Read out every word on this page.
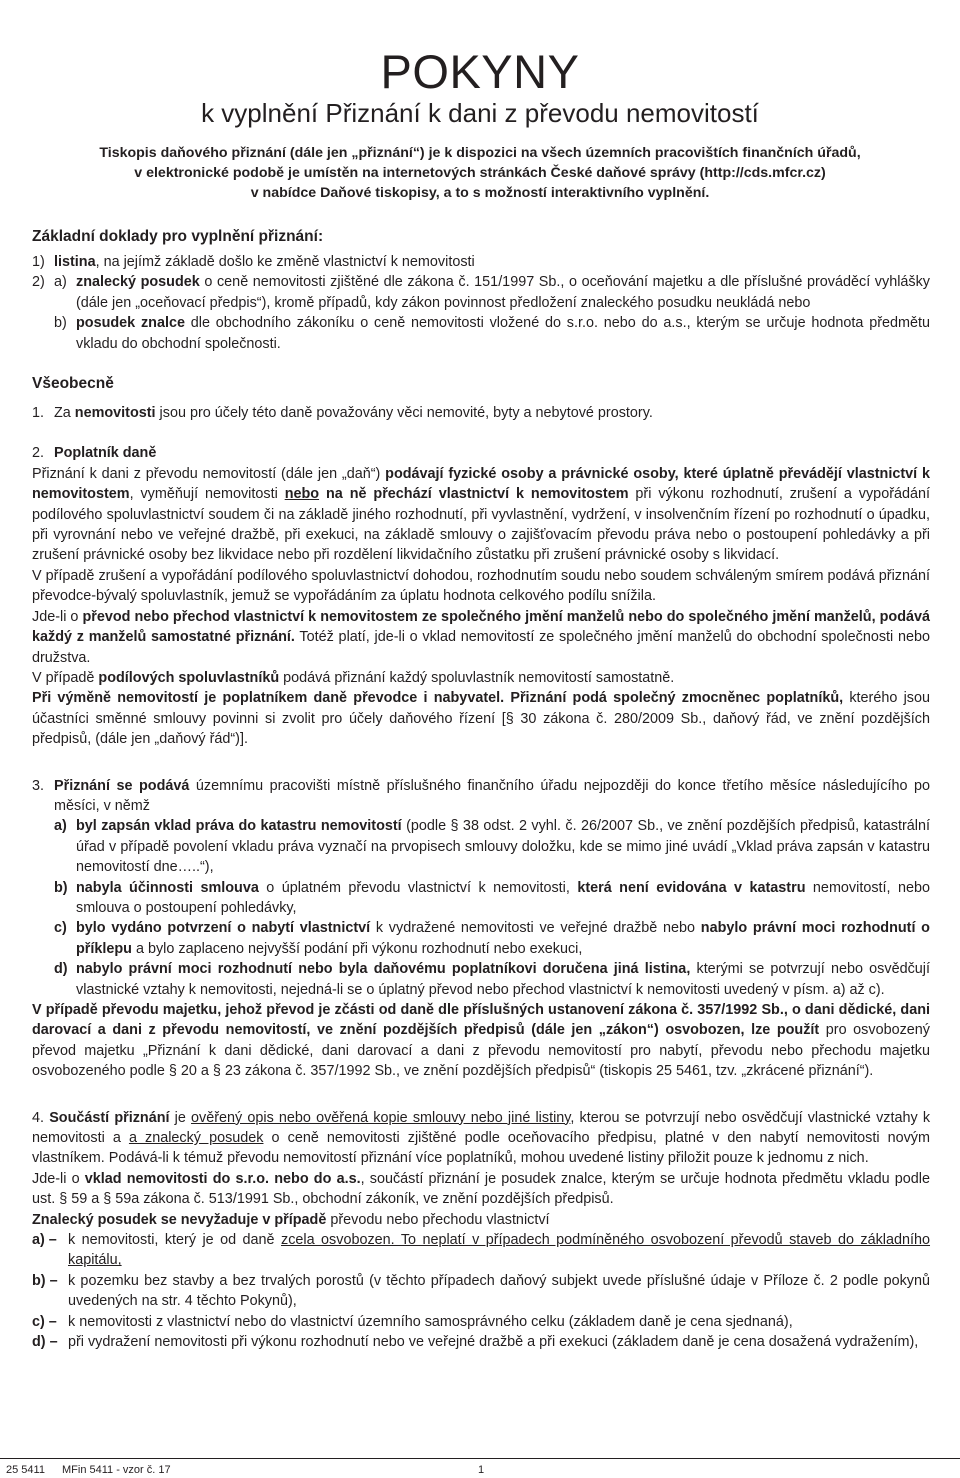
POKYNY
k vyplnění Přiznání k dani z převodu nemovitostí
Tiskopis daňového přiznání (dále jen „přiznání“) je k dispozici na všech územních pracovištích finančních úřadů,
v elektronické podobě je umístěn na internetových stránkách České daňové správy (http://cds.mfcr.cz)
v nabídce Daňové tiskopisy, a to s možností interaktivního vyplnění.
Základní doklady pro vyplnění přiznání:
1) listina, na jejímž základě došlo ke změně vlastnictví k nemovitosti
2) a) znalecký posudek o ceně nemovitosti zjištěné dle zákona č. 151/1997 Sb., o oceňování majetku a dle příslušné prováděcí vyhlášky (dále jen „oceňovací předpis“), kromě případů, kdy zákon povinnost předložení znaleckého posudku neukládá nebo
b) posudek znalce dle obchodního zákoníku o ceně nemovitosti vložené do s.r.o. nebo do a.s., kterým se určuje hodnota předmětu vkladu do obchodní společnosti.
Všeobecně
1. Za nemovitosti jsou pro účely této daně považovány věci nemovité, byty a nebytové prostory.
2. Poplatník daně

Přiznání k dani z převodu nemovitostí (dále jen „daň“) podávají fyzické osoby a právnické osoby, které úplatně převádějí vlastnictví k nemovitostem, vyměňují nemovitosti nebo na ně přechází vlastnictví k nemovitostem při výkonu rozhodnutí, zrušení a vypořádání podílového spoluvlastnictví soudem či na základě jiného rozhodnutí, při vyvlastnění, vydržení, v insolvenčním řízení po rozhodnutí o úpadku, při vyrovnání nebo ve veřejné dražbě, při exekuci, na základě smlouvy o zajišťovacím převodu práva nebo o postoupení pohledávky a při zrušení právnické osoby bez likvidace nebo při rozdělení likvidačního zůstatku při zrušení právnické osoby s likvidací.

V případě zrušení a vypořádání podílového spoluvlastnictví dohodou, rozhodnutím soudu nebo soudem schváleným smírem podává přiznání převodce-bývalý spoluvlastník, jemuž se vypořádáním za úplatu hodnota celkového podílu snížila.

Jde-li o převod nebo přechod vlastnictví k nemovitostem ze společného jmění manželů nebo do společného jmění manželů, podává každý z manželů samostatné přiznání. Totéž platí, jde-li o vklad nemovitostí ze společného jmění manželů do obchodní společnosti nebo družstva.

V případě podílových spoluvlastníků podává přiznání každý spoluvlastník nemovitostí samostatně.

Při výměně nemovitostí je poplatníkem daně převodce i nabyvatel. Přiznání podá společný zmocněnec poplatníků, kterého jsou účastníci směnné smlouvy povinni si zvolit pro účely daňového řízení [§ 30 zákona č. 280/2009 Sb., daňový řád, ve znění pozdějších předpisů, (dále jen „daňový řád“)].

3. Přiznání se podává územnímu pracovišti místně příslušného finančního úřadu nejpozději do konce třetího měsíce následujícího po měsíci, v němž

a) byl zapsán vklad práva do katastru nemovitostí (podle § 38 odst. 2 vyhl. č. 26/2007 Sb., ve znění pozdějších předpisů, katastrální úřad v případě povolení vkladu práva vyznačí na prvopisech smlouvy doložku, kde se mimo jiné uvádí „Vklad práva zapsán v katastru nemovitostí dne…..“),
b) nabyla účinnosti smlouva o úplatném převodu vlastnictví k nemovitosti, která není evidována v katastru nemovitostí, nebo smlouva o postoupení pohledávky,
c) bylo vydáno potvrzení o nabytí vlastnictví k vydražené nemovitosti ve veřejné dražbě nebo nabylo právní moci rozhodnutí o příklepu a bylo zaplaceno nejvyšší podání při výkonu rozhodnutí nebo exekuci,
d) nabylo právní moci rozhodnutí nebo byla daňovému poplatníkovi doručena jiná listina, kterými se potvrzují nebo osvědčují vlastnické vztahy k nemovitosti, nejedná-li se o úplatný převod nebo přechod vlastnictví k nemovitosti uvedený v písm. a) až c).

V případě převodu majetku, jehož převod je zčásti od daně dle příslušných ustanovení zákona č. 357/1992 Sb., o dani dědické, dani darovací a dani z převodu nemovitostí, ve znění pozdějších předpisů (dále jen „zákon“) osvobozen, lze použít pro osvobozený převod majetku „Přiznání k dani dědické, dani darovací a dani z převodu nemovitostí pro nabytí, převodu nebo přechodu majetku osvobozeného podle § 20 a § 23 zákona č. 357/1992 Sb., ve znění pozdějších předpisů“ (tiskopis 25 5461, tzv. „zkrácené přiznání“).

4. Součástí přiznání je ověřený opis nebo ověřená kopie smlouvy nebo jiné listiny, kterou se potvrzují nebo osvědčují vlastnické vztahy k nemovitosti a a znalecký posudek o ceně nemovitosti zjištěné podle oceňovacího předpisu, platné v den nabytí nemovitosti novým vlastníkem. Podává-li k témuž převodu nemovitostí přiznání více poplatníků, mohou uvedené listiny přiložit pouze k jednomu z nich.

Jde-li o vklad nemovitosti do s.r.o. nebo do a.s., součástí přiznání je posudek znalce, kterým se určuje hodnota předmětu vkladu podle ust. § 59 a § 59a zákona č. 513/1991 Sb., obchodní zákoník, ve znění pozdějších předpisů.

Znalecký posudek se nevyžaduje v případě převodu nebo přechodu vlastnictví

a) – k nemovitosti, který je od daně zcela osvobozen. To neplatí v případech podmíněného osvobození převodů staveb do základního kapitálu,
b) – k pozemku bez stavby a bez trvalých porostů (v těchto případech daňový subjekt uvede příslušné údaje v Příloze č. 2 podle pokynů uvedených na str. 4 těchto Pokynů),
c) – k nemovitosti z vlastnictví nebo do vlastnictví územního samosprávného celku (základem daně je cena sjednaná),
d) – při vydražení nemovitosti při výkonu rozhodnutí nebo ve veřejné dražbě a při exekuci (základem daně je cena dosažená vydražením),
25 5411 MFin 5411 - vzor č. 17	1
